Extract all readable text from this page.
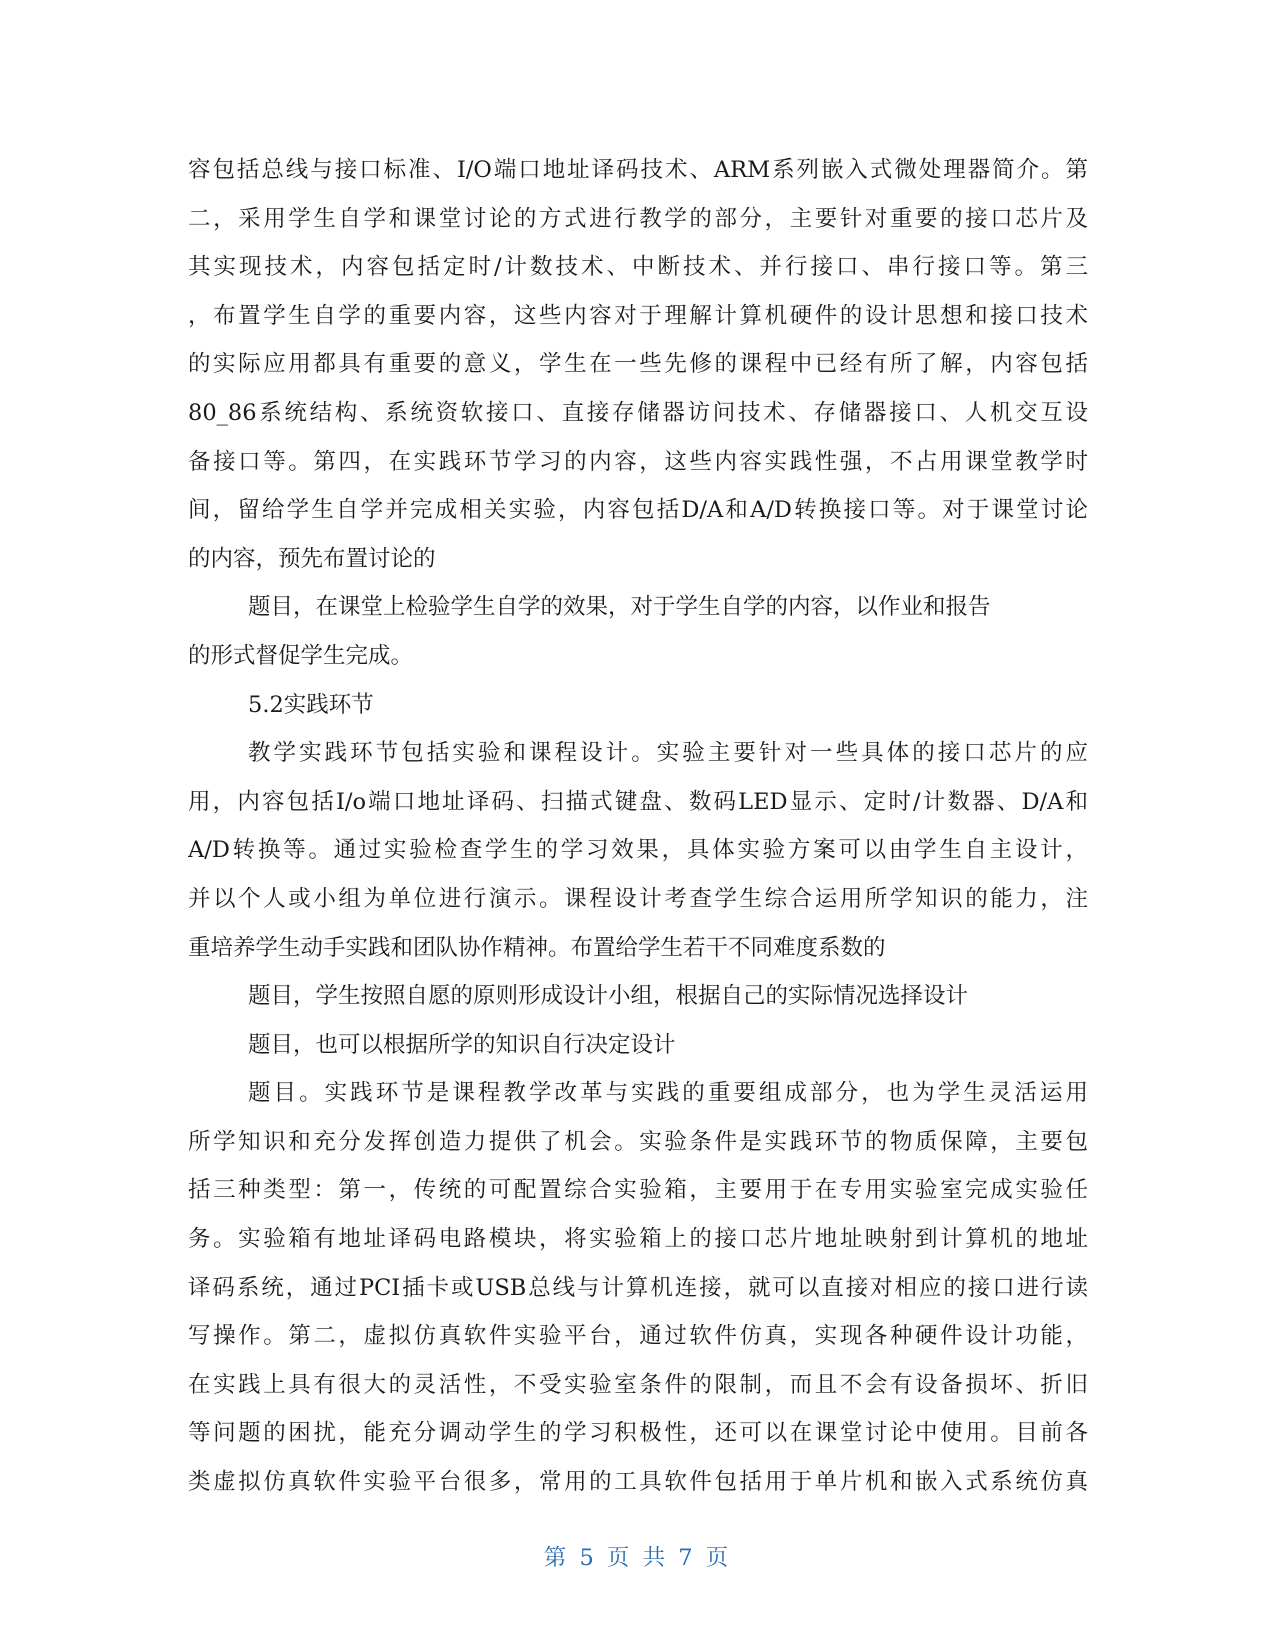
容包括总线与接口标准、I/O端口地址译码技术、ARM系列嵌入式微处理器简介。第
二，采用学生自学和课堂讨论的方式进行教学的部分，主要针对重要的接口芯片及
其实现技术，内容包括定时/计数技术、中断技术、并行接口、串行接口等。第三
，布置学生自学的重要内容，这些内容对于理解计算机硬件的设计思想和接口技术
的实际应用都具有重要的意义，学生在一些先修的课程中已经有所了解，内容包括
80_86系统结构、系统资软接口、直接存储器访问技术、存储器接口、人机交互设
备接口等。第四，在实践环节学习的内容，这些内容实践性强，不占用课堂教学时
间，留给学生自学并完成相关实验，内容包括D/A和A/D转换接口等。对于课堂讨论
的内容，预先布置讨论的
题目，在课堂上检验学生自学的效果，对于学生自学的内容，以作业和报告
的形式督促学生完成。
5.2实践环节
教学实践环节包括实验和课程设计。实验主要针对一些具体的接口芯片的应
用，内容包括I/o端口地址译码、扫描式键盘、数码LED显示、定时/计数器、D/A和
A/D转换等。通过实验检查学生的学习效果，具体实验方案可以由学生自主设计，
并以个人或小组为单位进行演示。课程设计考查学生综合运用所学知识的能力，注
重培养学生动手实践和团队协作精神。布置给学生若干不同难度系数的
题目，学生按照自愿的原则形成设计小组，根据自己的实际情况选择设计
题目，也可以根据所学的知识自行决定设计
题目。实践环节是课程教学改革与实践的重要组成部分，也为学生灵活运用
所学知识和充分发挥创造力提供了机会。实验条件是实践环节的物质保障，主要包
括三种类型：第一，传统的可配置综合实验箱，主要用于在专用实验室完成实验任
务。实验箱有地址译码电路模块，将实验箱上的接口芯片地址映射到计算机的地址
译码系统，通过PCI插卡或USB总线与计算机连接，就可以直接对相应的接口进行读
写操作。第二，虚拟仿真软件实验平台，通过软件仿真，实现各种硬件设计功能，
在实践上具有很大的灵活性，不受实验室条件的限制，而且不会有设备损坏、折旧
等问题的困扰，能充分调动学生的学习积极性，还可以在课堂讨论中使用。目前各
类虚拟仿真软件实验平台很多，常用的工具软件包括用于单片机和嵌入式系统仿真
第 5 页 共 7 页
